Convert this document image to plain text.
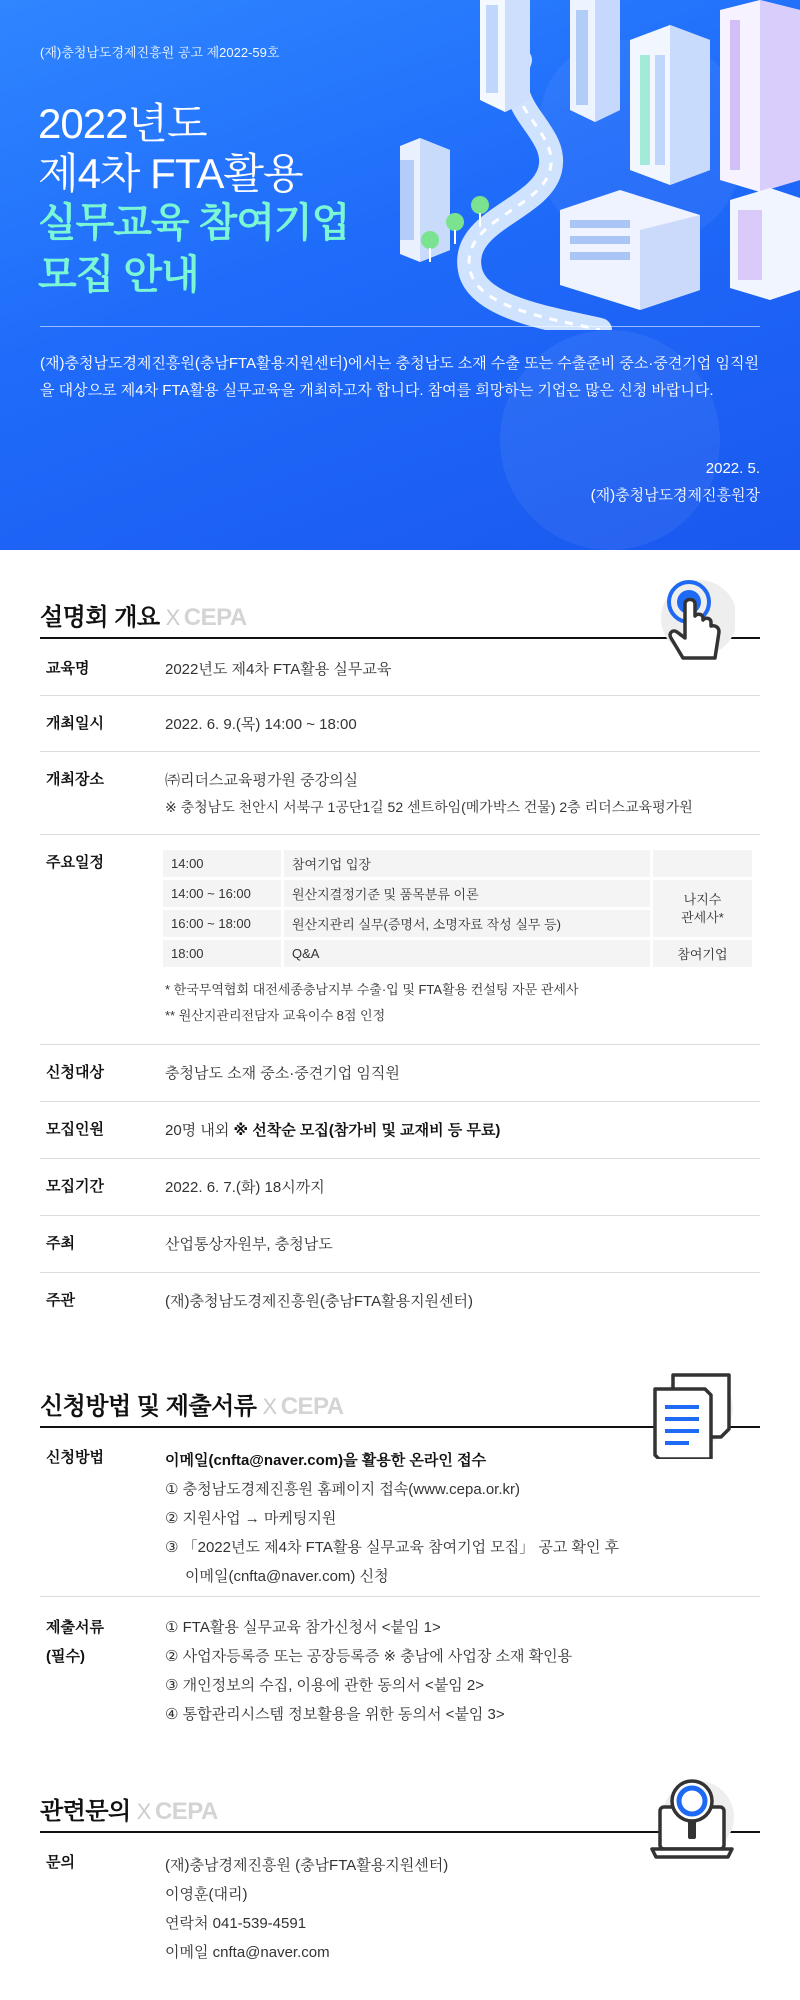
(재)충청남도경제진흥원 공고 제2022-59호
2022년도
제4차 FTA활용
실무교육 참여기업
모집 안내
(재)충청남도경제진흥원(충남FTA활용지원센터)에서는 충청남도 소재 수출 또는 수출준비 중소·중견기업 임직원을 대상으로 제4차 FTA활용 실무교육을 개최하고자 합니다. 참여를 희망하는 기업은 많은 신청 바랍니다.
2022. 5.
(재)충청남도경제진흥원장
설명회 개요 X CEPA
교육명	2022년도 제4차 FTA활용 실무교육
개최일시	2022. 6. 9.(목) 14:00 ~ 18:00
개최장소	㈜리더스교육평가원 중강의실
※ 충청남도 천안시 서북구 1공단1길 52 센트하임(메가박스 건물) 2층 리더스교육평가원
주요일정	14:00	참여기업 입장	
14:00 ~ 16:00	원산지결정기준 및 품목분류 이론	나지수
관세사*

16:00 ~ 18:00	원산지관리 실무(증명서, 소명자료 작성 실무 등)	
18:00	Q&A	참여기업
* 한국무역협회 대전세종충남지부 수출·입 및 FTA활용 컨설팅 자문 관세사
** 원산지관리전담자 교육이수 8점 인정
신청대상	충청남도 소재 중소·중견기업 임직원
모집인원	20명 내외 ※ 선착순 모집(참가비 및 교재비 등 무료)
모집기간	2022. 6. 7.(화) 18시까지
주최	산업통상자원부, 충청남도
주관	(재)충청남도경제진흥원(충남FTA활용지원센터)
신청방법 및 제출서류 X CEPA
신청방법	이메일(cnfta@naver.com)을 활용한 온라인 접수
① 충청남도경제진흥원 홈페이지 접속(www.cepa.or.kr)
② 지원사업 → 마케팅지원
③ 「2022년도 제4차 FTA활용 실무교육 참여기업 모집」 공고 확인 후
이메일(cnfta@naver.com) 신청
제출서류
(필수)
① FTA활용 실무교육 참가신청서 <붙임 1>
② 사업자등록증 또는 공장등록증 ※ 충남에 사업장 소재 확인용
③ 개인정보의 수집, 이용에 관한 동의서 <붙임 2>
④ 통합관리시스템 정보활용을 위한 동의서 <붙임 3>
관련문의 X CEPA
문의	(재)충남경제진흥원 (충남FTA활용지원센터)
이영훈(대리)
연락처 041-539-4591
이메일 cnfta@naver.com
